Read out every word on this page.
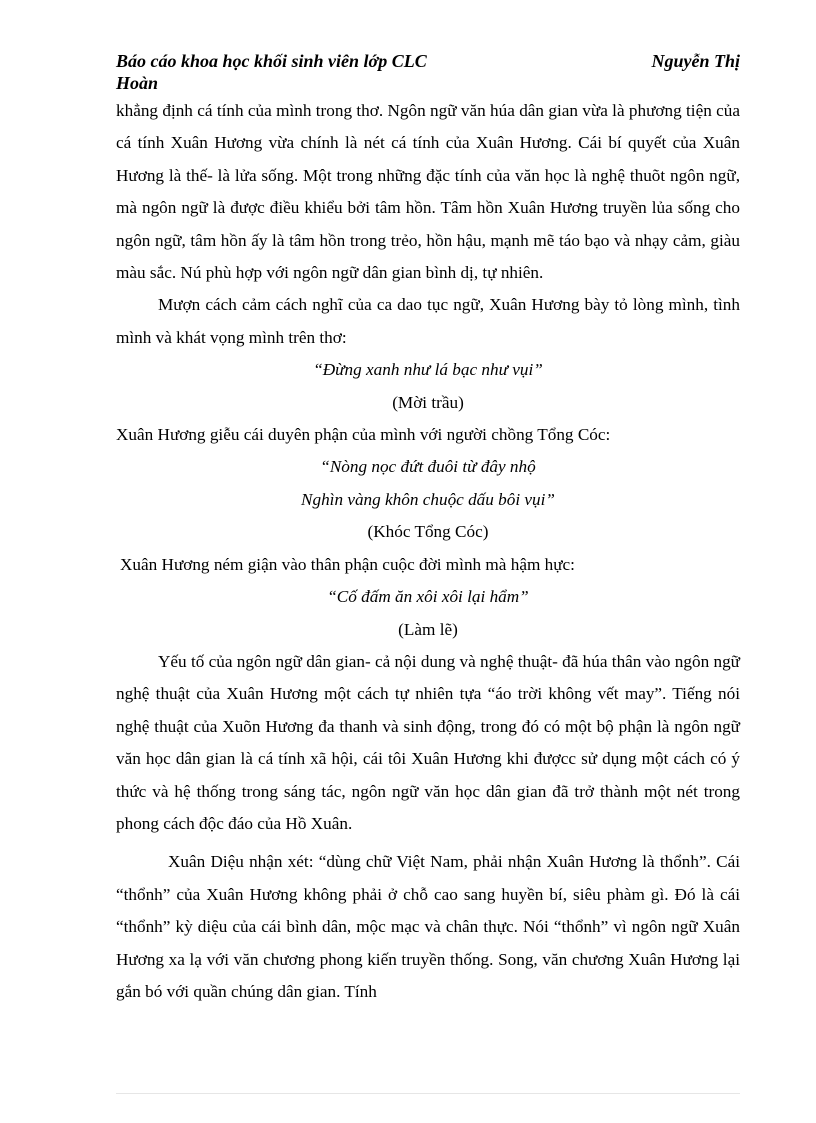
Báo cáo khoa học khối sinh viên lớp CLC
Hoàn
Nguyễn Thị

khẳng định cá tính của mình trong thơ. Ngôn ngữ văn húa dân gian vừa là phương tiện của cá tính Xuân Hương vừa chính là nét cá tính của Xuân Hương. Cái bí quyết của Xuân Hương là thế- là lửa sống. Một trong những đặc tính của văn học là nghệ thuõt ngôn ngữ, mà ngôn ngữ là được điều khiểu bởi tâm hồn. Tâm hồn Xuân Hương truyền lủa sống cho ngôn ngữ, tâm hồn ấy là tâm hồn trong trẻo, hồn hậu, mạnh mẽ táo bạo và nhạy cảm, giàu màu sắc. Nú phù hợp với ngôn ngữ dân gian bình dị, tự nhiên.

Mượn cách cảm cách nghĩ của ca dao tục ngữ, Xuân Hương bày tỏ lòng mình, tình mình và khát vọng mình trên thơ:

“Đừng xanh như lá bạc như vụi”

(Mời trầu)

Xuân Hương giễu cái duyên phận của mình với người chồng Tổng Cóc:

“Nòng nọc đứt đuôi từ đây nhộ

Nghìn vàng khôn chuộc dấu bôi vụi”

(Khóc Tổng Cóc)

Xuân Hương ném giận vào thân phận cuộc đời mình mà hậm hực:

“Cố đấm ăn xôi xôi lại hẩm”

(Làm lẽ)

Yếu tố của ngôn ngữ dân gian- cả nội dung và nghệ thuật- đã húa thân vào ngôn ngữ nghệ thuật của Xuân Hương một cách tự nhiên tựa “áo trời không vết may”. Tiếng nói nghệ thuật của Xuõn Hương đa thanh và sinh động, trong đó có một bộ phận là ngôn ngữ văn học dân gian là cá tính xã hội, cái tôi Xuân Hương khi đượcc sử dụng một cách có ý thức và hệ thống trong sáng tác, ngôn ngữ văn học dân gian đã trở thành một nét trong phong cách độc đáo của Hồ Xuân.

Xuân Diệu nhận xét: “dùng chữ Việt Nam, phải nhận Xuân Hương là thổnh”. Cái “thổnh” của Xuân Hương không phải ở chỗ cao sang huyền bí, siêu phàm gì. Đó là cái “thổnh” kỳ diệu của cái bình dân, mộc mạc và chân thực. Nói “thổnh” vì ngôn ngữ Xuân Hương xa lạ với văn chương phong kiến truyền thống. Song, văn chương Xuân Hương lại gắn bó với quần chúng dân gian. Tính
